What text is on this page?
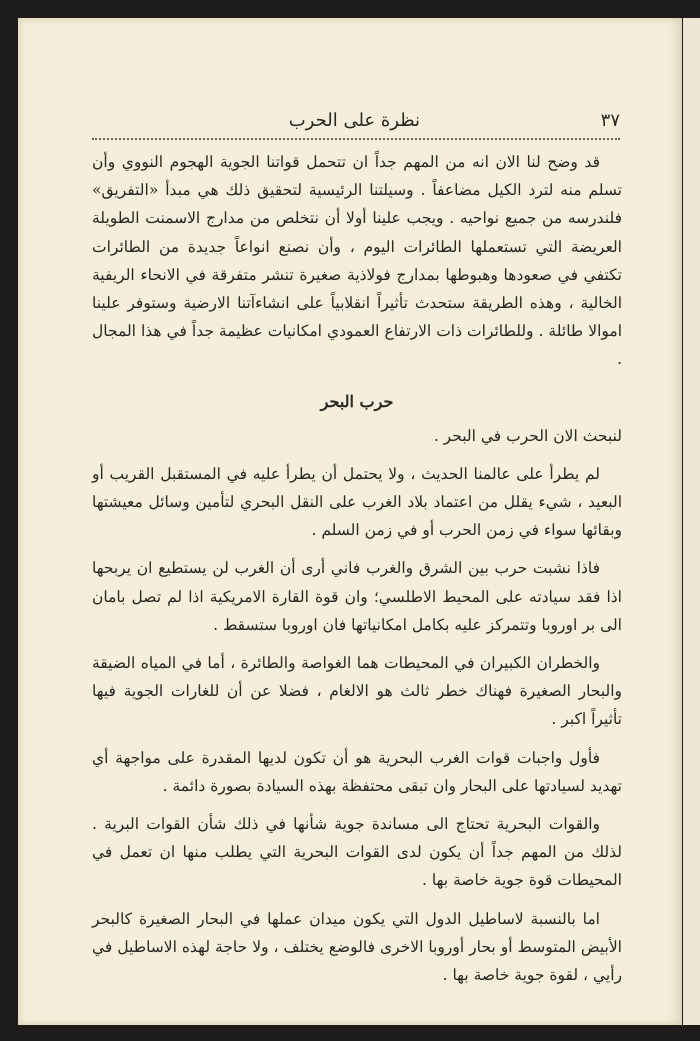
نظرة على الحرب	٣٧

قد وضح لنا الان انه من المهم جداً ان تتحمل قواتنا الجوية الهجوم النووي وأن تسلم منه لترد الكيل مضاعفاً . وسيلتنا الرئيسية لتحقيق ذلك هي مبدأ «التفريق» فلندرسه من جميع نواحيه . ويجب علينا أولا أن نتخلص من مدارج الاسمنت الطويلة العريضة التي تستعملها الطائرات اليوم ، وأن نصنع انواعاً جديدة من الطائرات تكتفي في صعودها وهبوطها بمدارج فولاذية صغيرة تنشر متفرقة في الانحاء الريفية الخالية ، وهذه الطريقة ستحدث تأثيراً انقلابياً على انشاءآتنا الارضية وستوفر علينا اموالا طائلة . وللطائرات ذات الارتفاع العمودي امكانيات عظيمة جداً في هذا المجال .

حرب البحر

لنبحث الان الحرب في البحر .

لم يطرأ على عالمنا الحديث ، ولا يحتمل أن يطرأ عليه في المستقبل القريب أو البعيد ، شيء يقلل من اعتماد بلاد الغرب على النقل البحري لتأمين وسائل معيشتها وبقائها سواء في زمن الحرب أو في زمن السلم .

فاذا نشبت حرب بين الشرق والغرب فاني أرى أن الغرب لن يستطيع ان يربحها اذا فقد سيادته على المحيط الاطلسي؛ وان قوة القارة الامريكية اذا لم تصل بامان الى بر اوروبا وتتمركز عليه بكامل امكانياتها فان اوروبا ستسقط .

والخطران الكبيران في المحيطات هما الغواصة والطائرة ، أما في المياه الضيقة والبحار الصغيرة فهناك خطر ثالث هو الالغام ، فضلا عن أن للغارات الجوية فيها تأثيراً اكبر .

فأول واجبات قوات الغرب البحرية هو أن تكون لديها المقدرة على مواجهة أي تهديد لسيادتها على البحار وان تبقى محتفظة بهذه السيادة بصورة دائمة .

والقوات البحرية تحتاج الى مساندة جوية شأنها في ذلك شأن القوات البرية . لذلك من المهم جداً أن يكون لدى القوات البحرية التي يطلب منها ان تعمل في المحيطات قوة جوية خاصة بها .

اما بالنسبة لاساطيل الدول التي يكون ميدان عملها في البحار الصغيرة كالبحر الأبيض المتوسط أو بحار أوروبا الاخرى فالوضع يختلف ، ولا حاجة لهذه الاساطيل في رأيي ، لقوة جوية خاصة بها .
